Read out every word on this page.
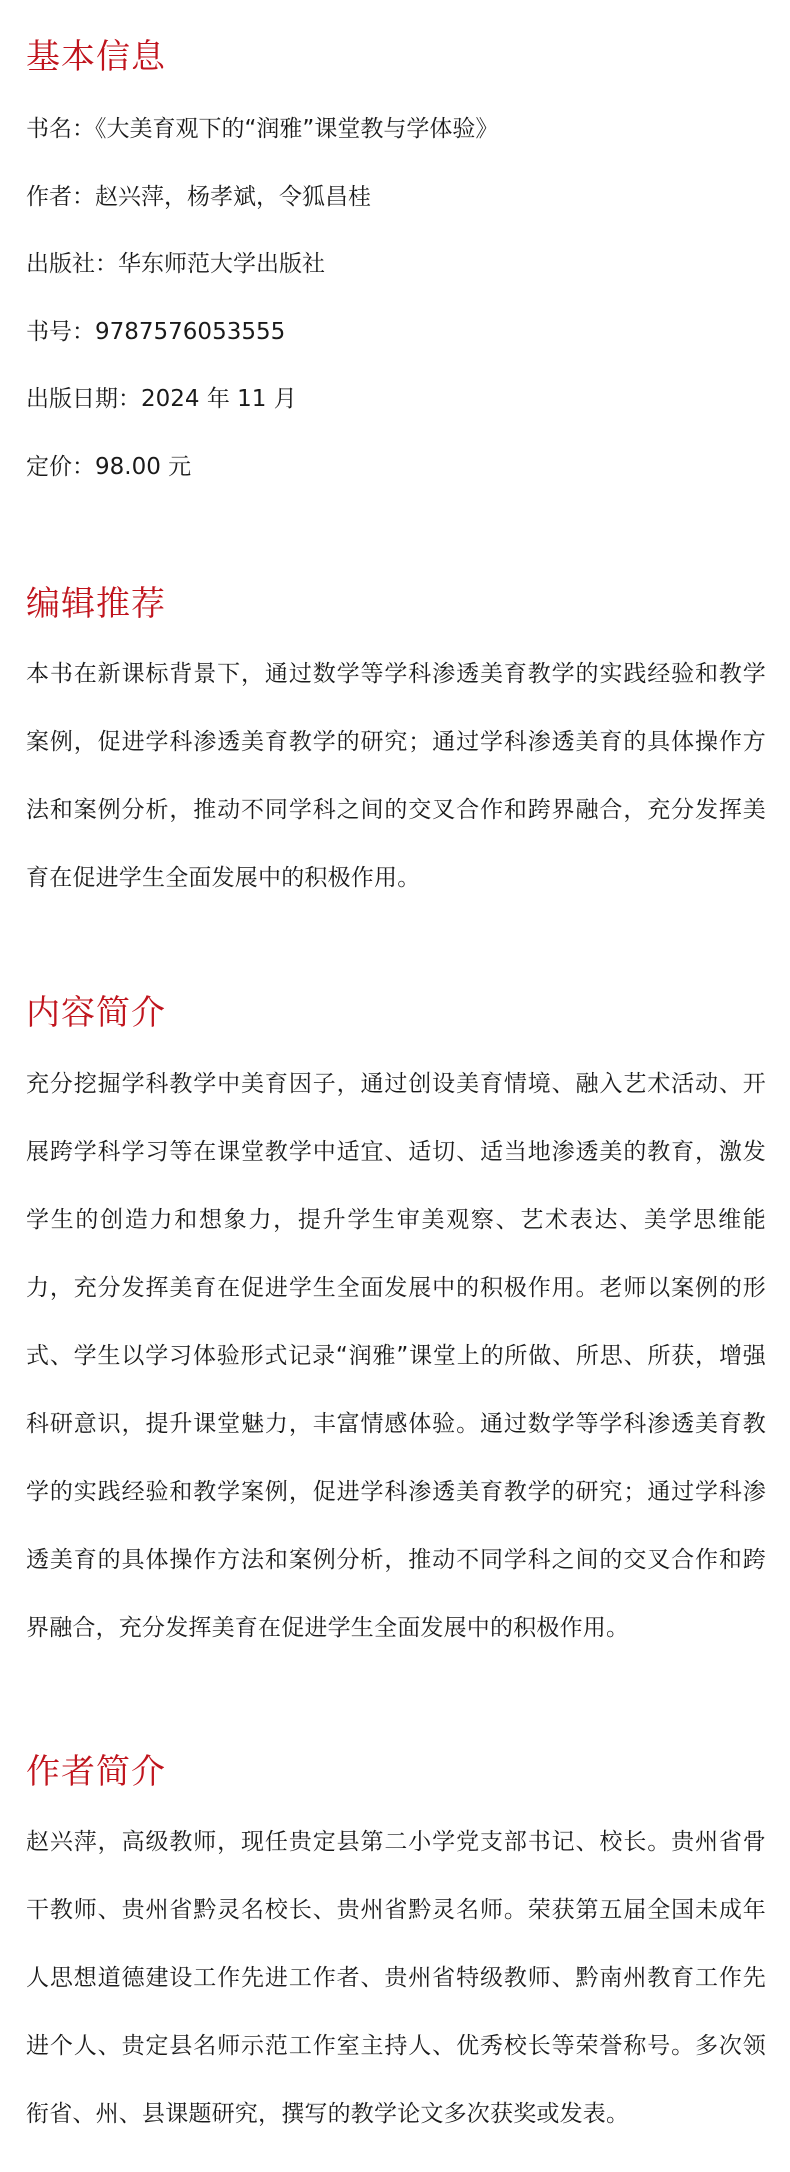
基本信息
书名：《大美育观下的“润雅”课堂教与学体验》
作者：赵兴萍，杨孝斌，令狐昌桂
出版社：华东师范大学出版社
书号：9787576053555
出版日期：2024 年 11 月
定价：98.00 元
编辑推荐

本书在新课标背景下，通过数学等学科渗透美育教学的实践经验和教学案例，促进学科渗透美育教学的研究；通过学科渗透美育的具体操作方法和案例分析，推动不同学科之间的交叉合作和跨界融合，充分发挥美育在促进学生全面发展中的积极作用。

内容简介

充分挖掘学科教学中美育因子，通过创设美育情境、融入艺术活动、开展跨学科学习等在课堂教学中适宜、适切、适当地渗透美的教育，激发学生的创造力和想象力，提升学生审美观察、艺术表达、美学思维能力，充分发挥美育在促进学生全面发展中的积极作用。老师以案例的形式、学生以学习体验形式记录“润雅”课堂上的所做、所思、所获，增强科研意识，提升课堂魅力，丰富情感体验。通过数学等学科渗透美育教学的实践经验和教学案例，促进学科渗透美育教学的研究；通过学科渗透美育的具体操作方法和案例分析，推动不同学科之间的交叉合作和跨界融合，充分发挥美育在促进学生全面发展中的积极作用。

作者简介

赵兴萍，高级教师，现任贵定县第二小学党支部书记、校长。贵州省骨干教师、贵州省黔灵名校长、贵州省黔灵名师。荣获第五届全国未成年人思想道德建设工作先进工作者、贵州省特级教师、黔南州教育工作先进个人、贵定县名师示范工作室主持人、优秀校长等荣誉称号。多次领衔省、州、县课题研究，撰写的教学论文多次获奖或发表。
